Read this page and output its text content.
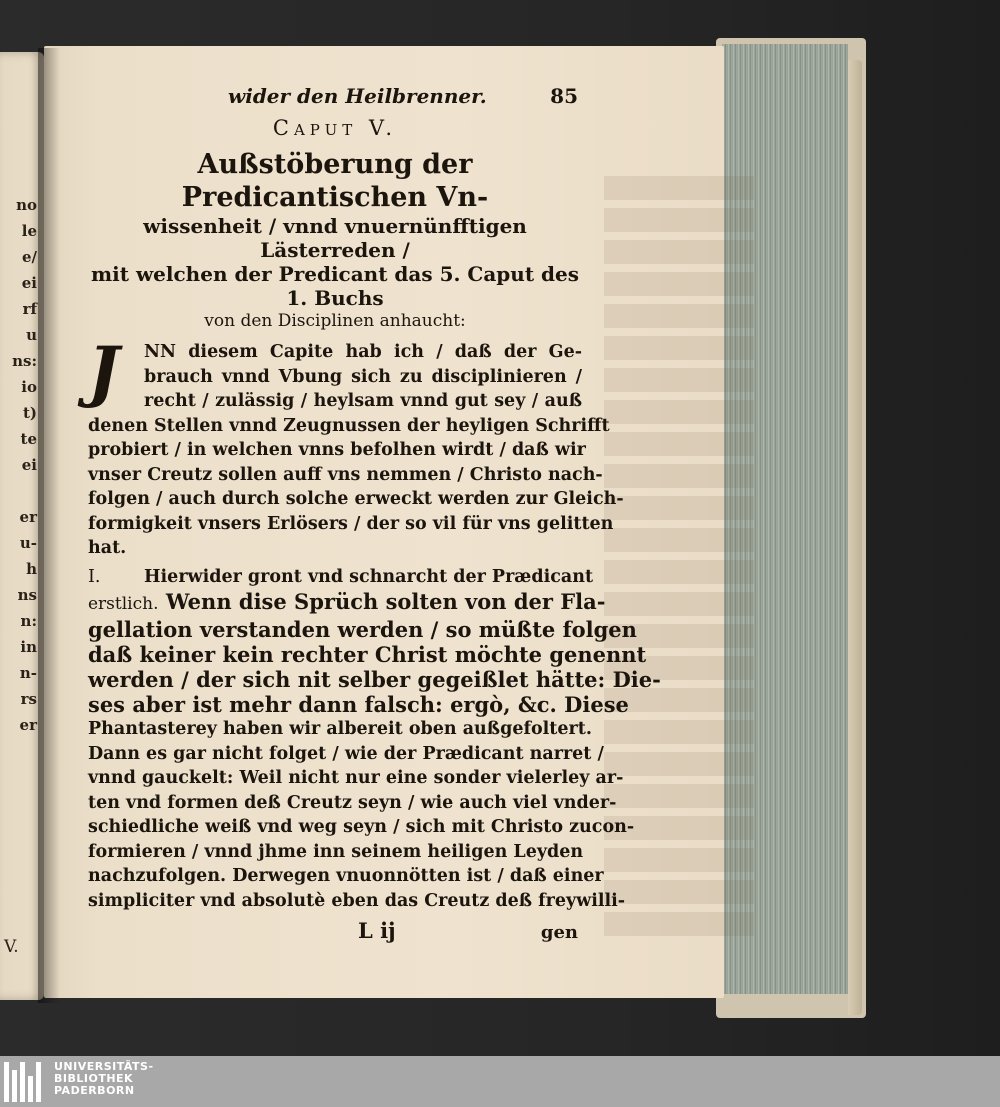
no
le
e/
ei
rf
u
ns:
io
t)
te
ei
er
u-
h
ns
n:
in
n-
rs
er
V.
wider den Heilbrenner.	85
Caput V.
Außstöberung der Predicantischen Vn-
wissenheit / vnnd vnuernünfftigen Lästerreden /
mit welchen der Predicant das 5. Caput des 1. Buchs
von den Disciplinen anhaucht:
J	NN diesem Capite hab ich / daß der Ge-
brauch vnnd Vbung sich zu disciplinieren /
recht / zulässig / heylsam vnnd gut sey / auß
denen Stellen vnnd Zeugnussen der heyligen Schrifft
probiert / in welchen vnns befolhen wirdt / daß wir
vnser Creutz sollen auff vns nemmen / Christo nach-
folgen / auch durch solche erweckt werden zur Gleich-
formigkeit vnsers Erlösers / der so vil für vns gelitten
hat.
I. Hierwider gront vnd schnarcht der Prædicant
erstlich. Wenn dise Sprüch solten von der Fla-
gellation verstanden werden / so müßte folgen
daß keiner kein rechter Christ möchte genennt
werden / der sich nit selber gegeißlet hätte: Die-
ses aber ist mehr dann falsch: ergò, &c. Diese
Phantasterey haben wir albereit oben außgefoltert.
Dann es gar nicht folget / wie der Prædicant narret /
vnnd gauckelt: Weil nicht nur eine sonder vielerley ar-
ten vnd formen deß Creutz seyn / wie auch viel vnder-
schiedliche weiß vnd weg seyn / sich mit Christo zucon-
formieren / vnnd jhme inn seinem heiligen Leyden
nachzufolgen. Derwegen vnuonnötten ist / daß einer
simpliciter vnd absolutè eben das Creutz deß freywilli-
L ij	gen
UNIVERSITÄTS-
BIBLIOTHEK
PADERBORN
